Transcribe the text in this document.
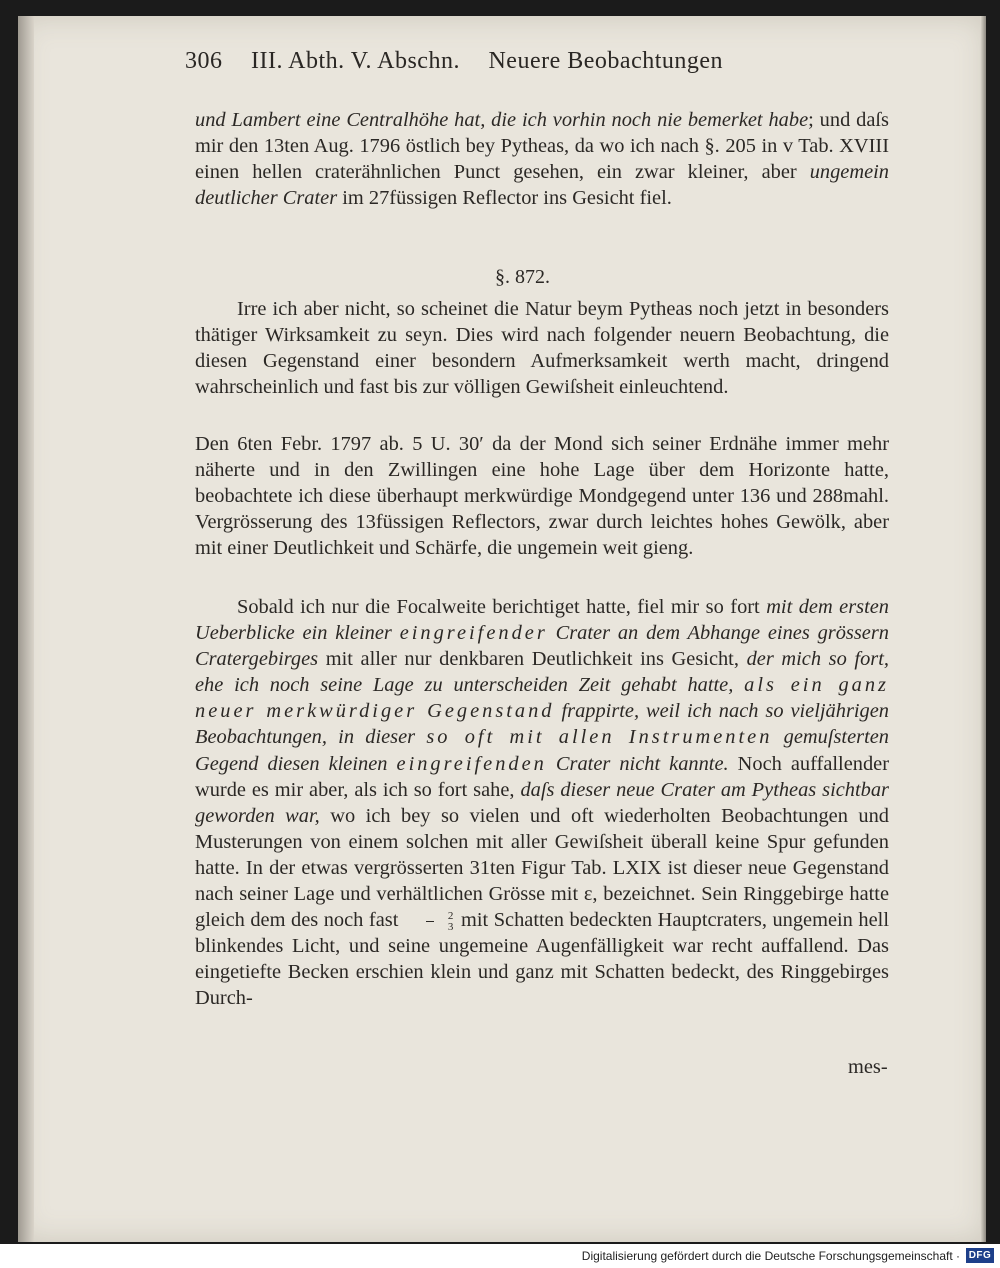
306 III. Abth. V. Abschn. Neuere Beobachtungen

und Lambert eine Centralhöhe hat, die ich vorhin noch nie bemerket habe; und daſs mir den 13ten Aug. 1796 östlich bey Pytheas, da wo ich nach §. 205 in v Tab. XVIII einen hellen craterähnlichen Punct gesehen, ein zwar kleiner, aber ungemein deutlicher Crater im 27füssigen Reflector ins Gesicht fiel.

§. 872.

Irre ich aber nicht, so scheinet die Natur beym Pytheas noch jetzt in besonders thätiger Wirksamkeit zu seyn. Dies wird nach folgender neuern Beobachtung, die diesen Gegenstand einer besondern Aufmerksamkeit werth macht, dringend wahrscheinlich und fast bis zur völligen Gewiſsheit einleuchtend.

Den 6ten Febr. 1797 ab. 5 U. 30′ da der Mond sich seiner Erdnähe immer mehr näherte und in den Zwillingen eine hohe Lage über dem Horizonte hatte, beobachtete ich diese überhaupt merkwürdige Mondgegend unter 136 und 288mahl. Vergrösserung des 13füssigen Reflectors, zwar durch leichtes hohes Gewölk, aber mit einer Deutlichkeit und Schärfe, die ungemein weit gieng.

Sobald ich nur die Focalweite berichtiget hatte, fiel mir so fort mit dem ersten Ueberblicke ein kleiner eingreifender Crater an dem Abhange eines grössern Cratergebirges mit aller nur denkbaren Deutlichkeit ins Gesicht, der mich so fort, ehe ich noch seine Lage zu unterscheiden Zeit gehabt hatte, als ein ganz neuer merkwürdiger Gegenstand frappirte, weil ich nach so vieljährigen Beobachtungen, in dieser so oft mit allen Instrumenten gemuſsterten Gegend diesen kleinen eingreifenden Crater nicht kannte. Noch auffallender wurde es mir aber, als ich so fort sahe, daſs dieser neue Crater am Pytheas sichtbar geworden war, wo ich bey so vielen und oft wiederholten Beobachtungen und Musterungen von einem solchen mit aller Gewiſsheit überall keine Spur gefunden hatte. In der etwas vergrösserten 31ten Figur Tab. LXIX ist dieser neue Gegenstand nach seiner Lage und verhältlichen Grösse mit ε, bezeichnet. Sein Ringgebirge hatte gleich dem des noch fast $\frac{2}{3}$ mit Schatten bedeckten Hauptcraters, ungemein hell blinkendes Licht, und seine ungemeine Augenfälligkeit war recht auffallend. Das eingetiefte Becken erschien klein und ganz mit Schatten bedeckt, des Ringgebirges Durch-

mes-
Digitalisierung gefördert durch die Deutsche Forschungsgemeinschaft · DFG
